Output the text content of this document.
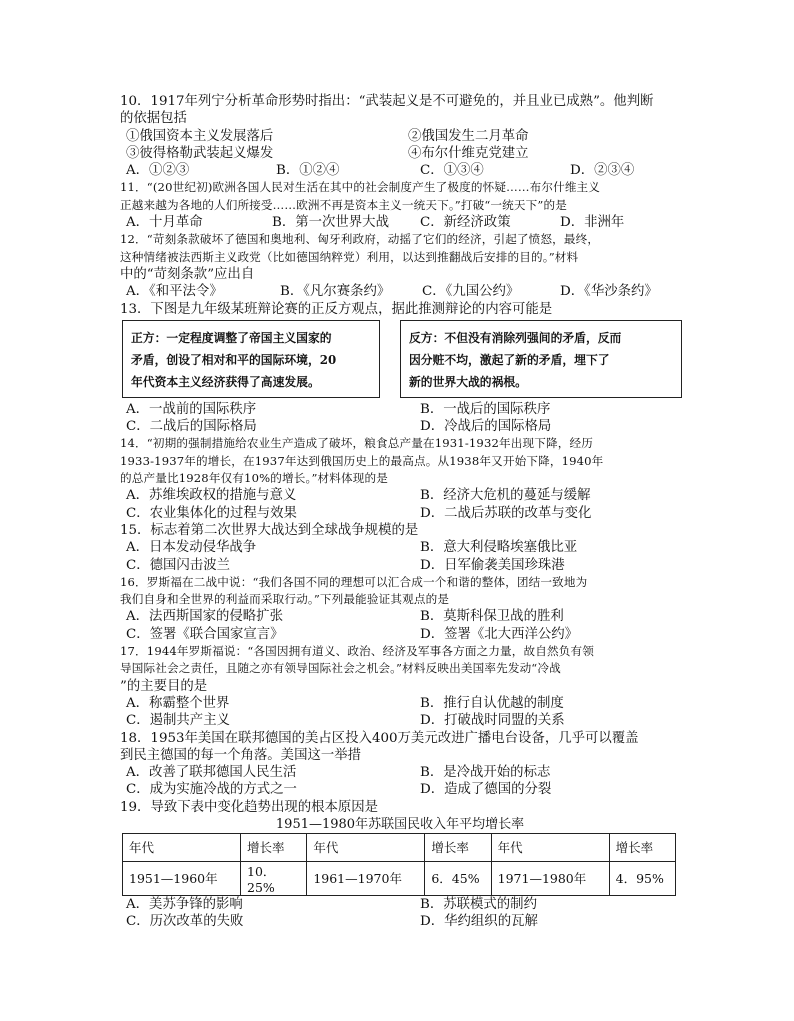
10．1917年列宁分析革命形势时指出：“武装起义是不可避免的，并且业已成熟”。他判断
的依据包括
①俄国资本主义发展落后	②俄国发生二月革命
③彼得格勒武装起义爆发	④布尔什维克党建立
A．①②③	B．①②④	C．①③④	D．②③④
11．“(20世纪初)欧洲各国人民对生活在其中的社会制度产生了极度的怀疑……布尔什维主义
正越来越为各地的人们所接受……欧洲不再是资本主义一统天下。”打破“一统天下”的是
A．十月革命	B．第一次世界大战 C．新经济政策	D．非洲年
12．“苛刻条款破坏了德国和奥地利、匈牙利政府，动摇了它们的经济，引起了愤怒，最终，
这种情绪被法西斯主义政党（比如德国纳粹党）利用，以达到推翻战后安排的目的。”材料
中的“苛刻条款”应出自
A．《和平法令》	B．《凡尔赛条约》 C．《九国公约》	D．《华沙条约》
13．下图是九年级某班辩论赛的正反方观点，据此推测辩论的内容可能是
正方：一定程度调整了帝国主义国家的
矛盾，创设了相对和平的国际环境，20
年代资本主义经济获得了高速发展。
反方：不但没有消除列强间的矛盾，反而
因分赃不均，激起了新的矛盾，埋下了
新的世界大战的祸根。
A．一战前的国际秩序	B．一战后的国际秩序
C．二战后的国际格局	D．冷战后的国际格局
14．“初期的强制措施给农业生产造成了破坏，粮食总产量在1931-1932年出现下降，经历
1933-1937年的增长，在1937年达到俄国历史上的最高点。从1938年又开始下降，1940年
的总产量比1928年仅有10%的增长。”材料体现的是
A．苏维埃政权的措施与意义	B．经济大危机的蔓延与缓解
C．农业集体化的过程与效果	D．二战后苏联的改革与变化
15．标志着第二次世界大战达到全球战争规模的是
A．日本发动侵华战争	B．意大利侵略埃塞俄比亚
C．德国闪击波兰	D．日军偷袭美国珍珠港
16．罗斯福在二战中说：“我们各国不同的理想可以汇合成一个和谐的整体，团结一致地为
我们自身和全世界的利益而采取行动。”下列最能验证其观点的是
A．法西斯国家的侵略扩张	B．莫斯科保卫战的胜利
C．签署《联合国家宣言》	D．签署《北大西洋公约》
17．1944年罗斯福说：“各国因拥有道义、政治、经济及军事各方面之力量，故自然负有领
导国际社会之责任，且随之亦有领导国际社会之机会。”材料反映出美国率先发动“冷战
”的主要目的是
A．称霸整个世界	B．推行自认优越的制度
C．遏制共产主义	D．打破战时同盟的关系
18．1953年美国在联邦德国的美占区投入400万美元改进广播电台设备，几乎可以覆盖
到民主德国的每一个角落。美国这一举措
A．改善了联邦德国人民生活	B．是冷战开始的标志
C．成为实施冷战的方式之一	D．造成了德国的分裂
19．导致下表中变化趋势出现的根本原因是
1951—1980年苏联国民收入年平均增长率
年代	增长率	年代	增长率	年代	增长率
1951—1960年	10．25%	1961—1970年	6．45%	1971—1980年	4．95%
A．美苏争锋的影响	B．苏联模式的制约
C．历次改革的失败	D．华约组织的瓦解
